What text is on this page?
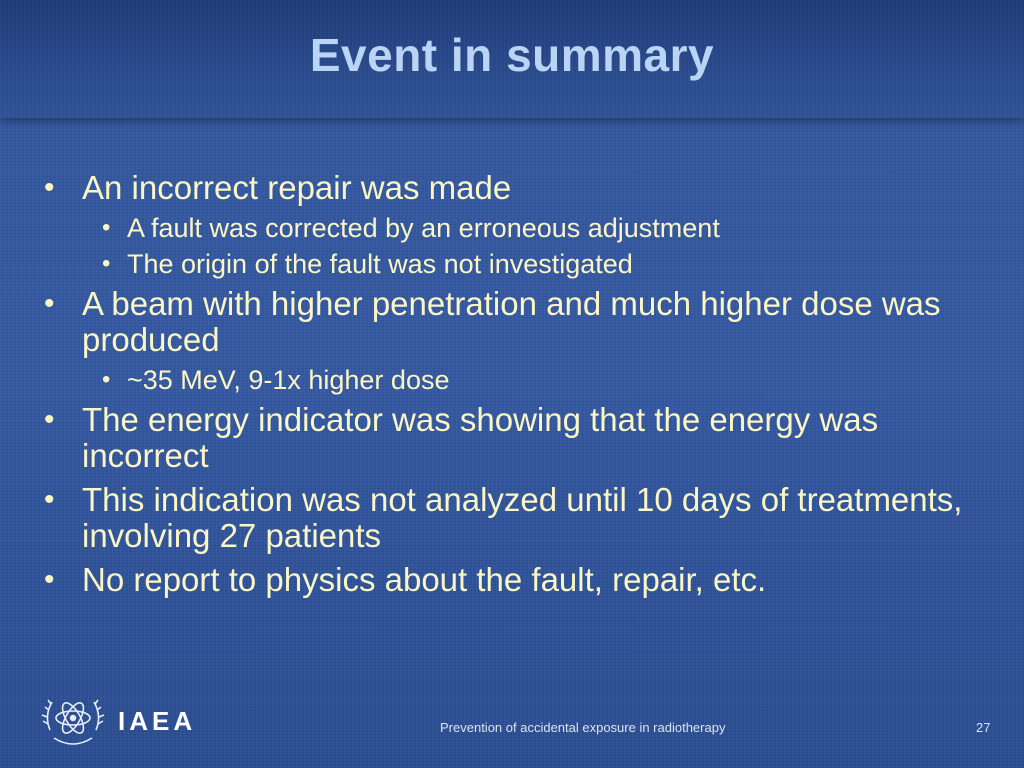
Event in summary
• An incorrect repair was made
• A fault was corrected by an erroneous adjustment
• The origin of the fault was not investigated
• A beam with higher penetration and much higher dose was produced
• ~35 MeV, 9-1x higher dose
• The energy indicator was showing that the energy was incorrect
• This indication was not analyzed until 10 days of treatments, involving 27 patients
• No report to physics about the fault, repair, etc.
IAEA	Prevention of accidental exposure in radiotherapy	27
